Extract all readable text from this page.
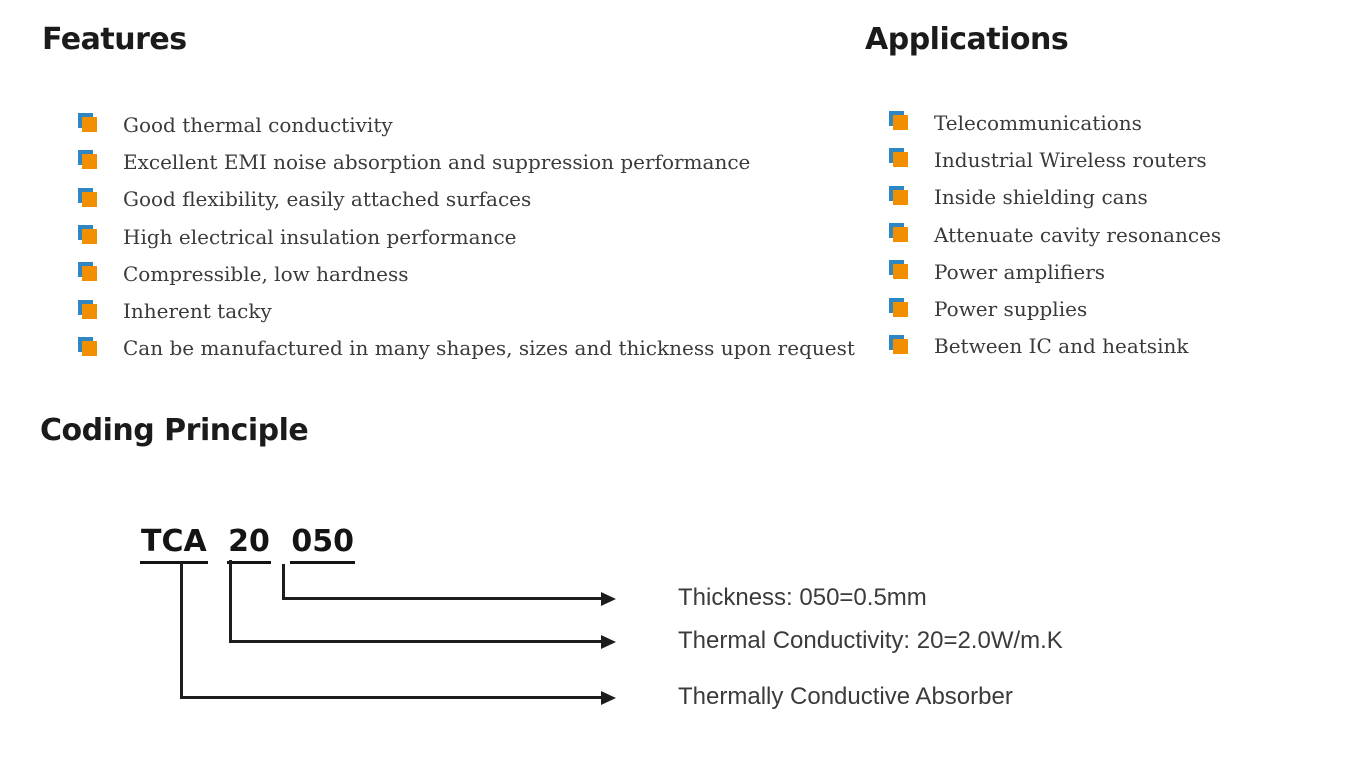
Features
Good thermal conductivity
Excellent EMI noise absorption and suppression performance
Good flexibility, easily attached surfaces
High electrical insulation performance
Compressible, low hardness
Inherent tacky
Can be manufactured in many shapes, sizes and thickness upon request
Applications
Telecommunications
Industrial Wireless routers
Inside shielding cans
Attenuate cavity resonances
Power amplifiers
Power supplies
Between IC and heatsink
Coding Principle
TCA 20 050
Thickness: 050=0.5mm
Thermal Conductivity: 20=2.0W/m.K
Thermally Conductive Absorber
